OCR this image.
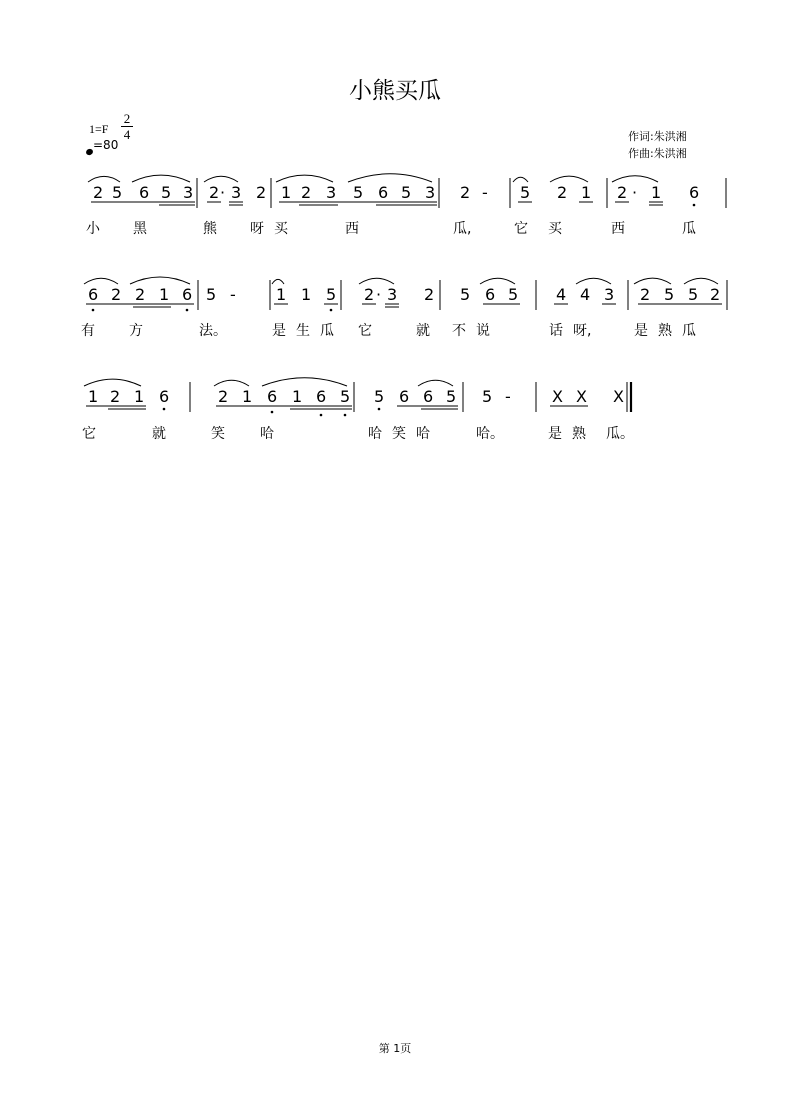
小熊买瓜
1=F
2
4
=80
作词:朱洪湘
作曲:朱洪湘
2 5 6 5 3 2 · 3 2 1 2 3 5 6 5 3 2 - 5 2 1 2 · 1 6
小 黑	熊 呀 买	西	瓜,	它 买	西	瓜
6 2 2 1 6 5 -	1 1 5 2 · 3 2 5 6 5 4 4 3 2 5 5 2
有 方	法。	是 生 瓜 它	就 不 说	话 呀,	是 熟 瓜
1 2 1 6	2 1 6 1 6 5 5 6 6 5 5 -	X X X
它	就	笑	哈	哈 笑 哈	哈。	是 熟 瓜。
第 1页
